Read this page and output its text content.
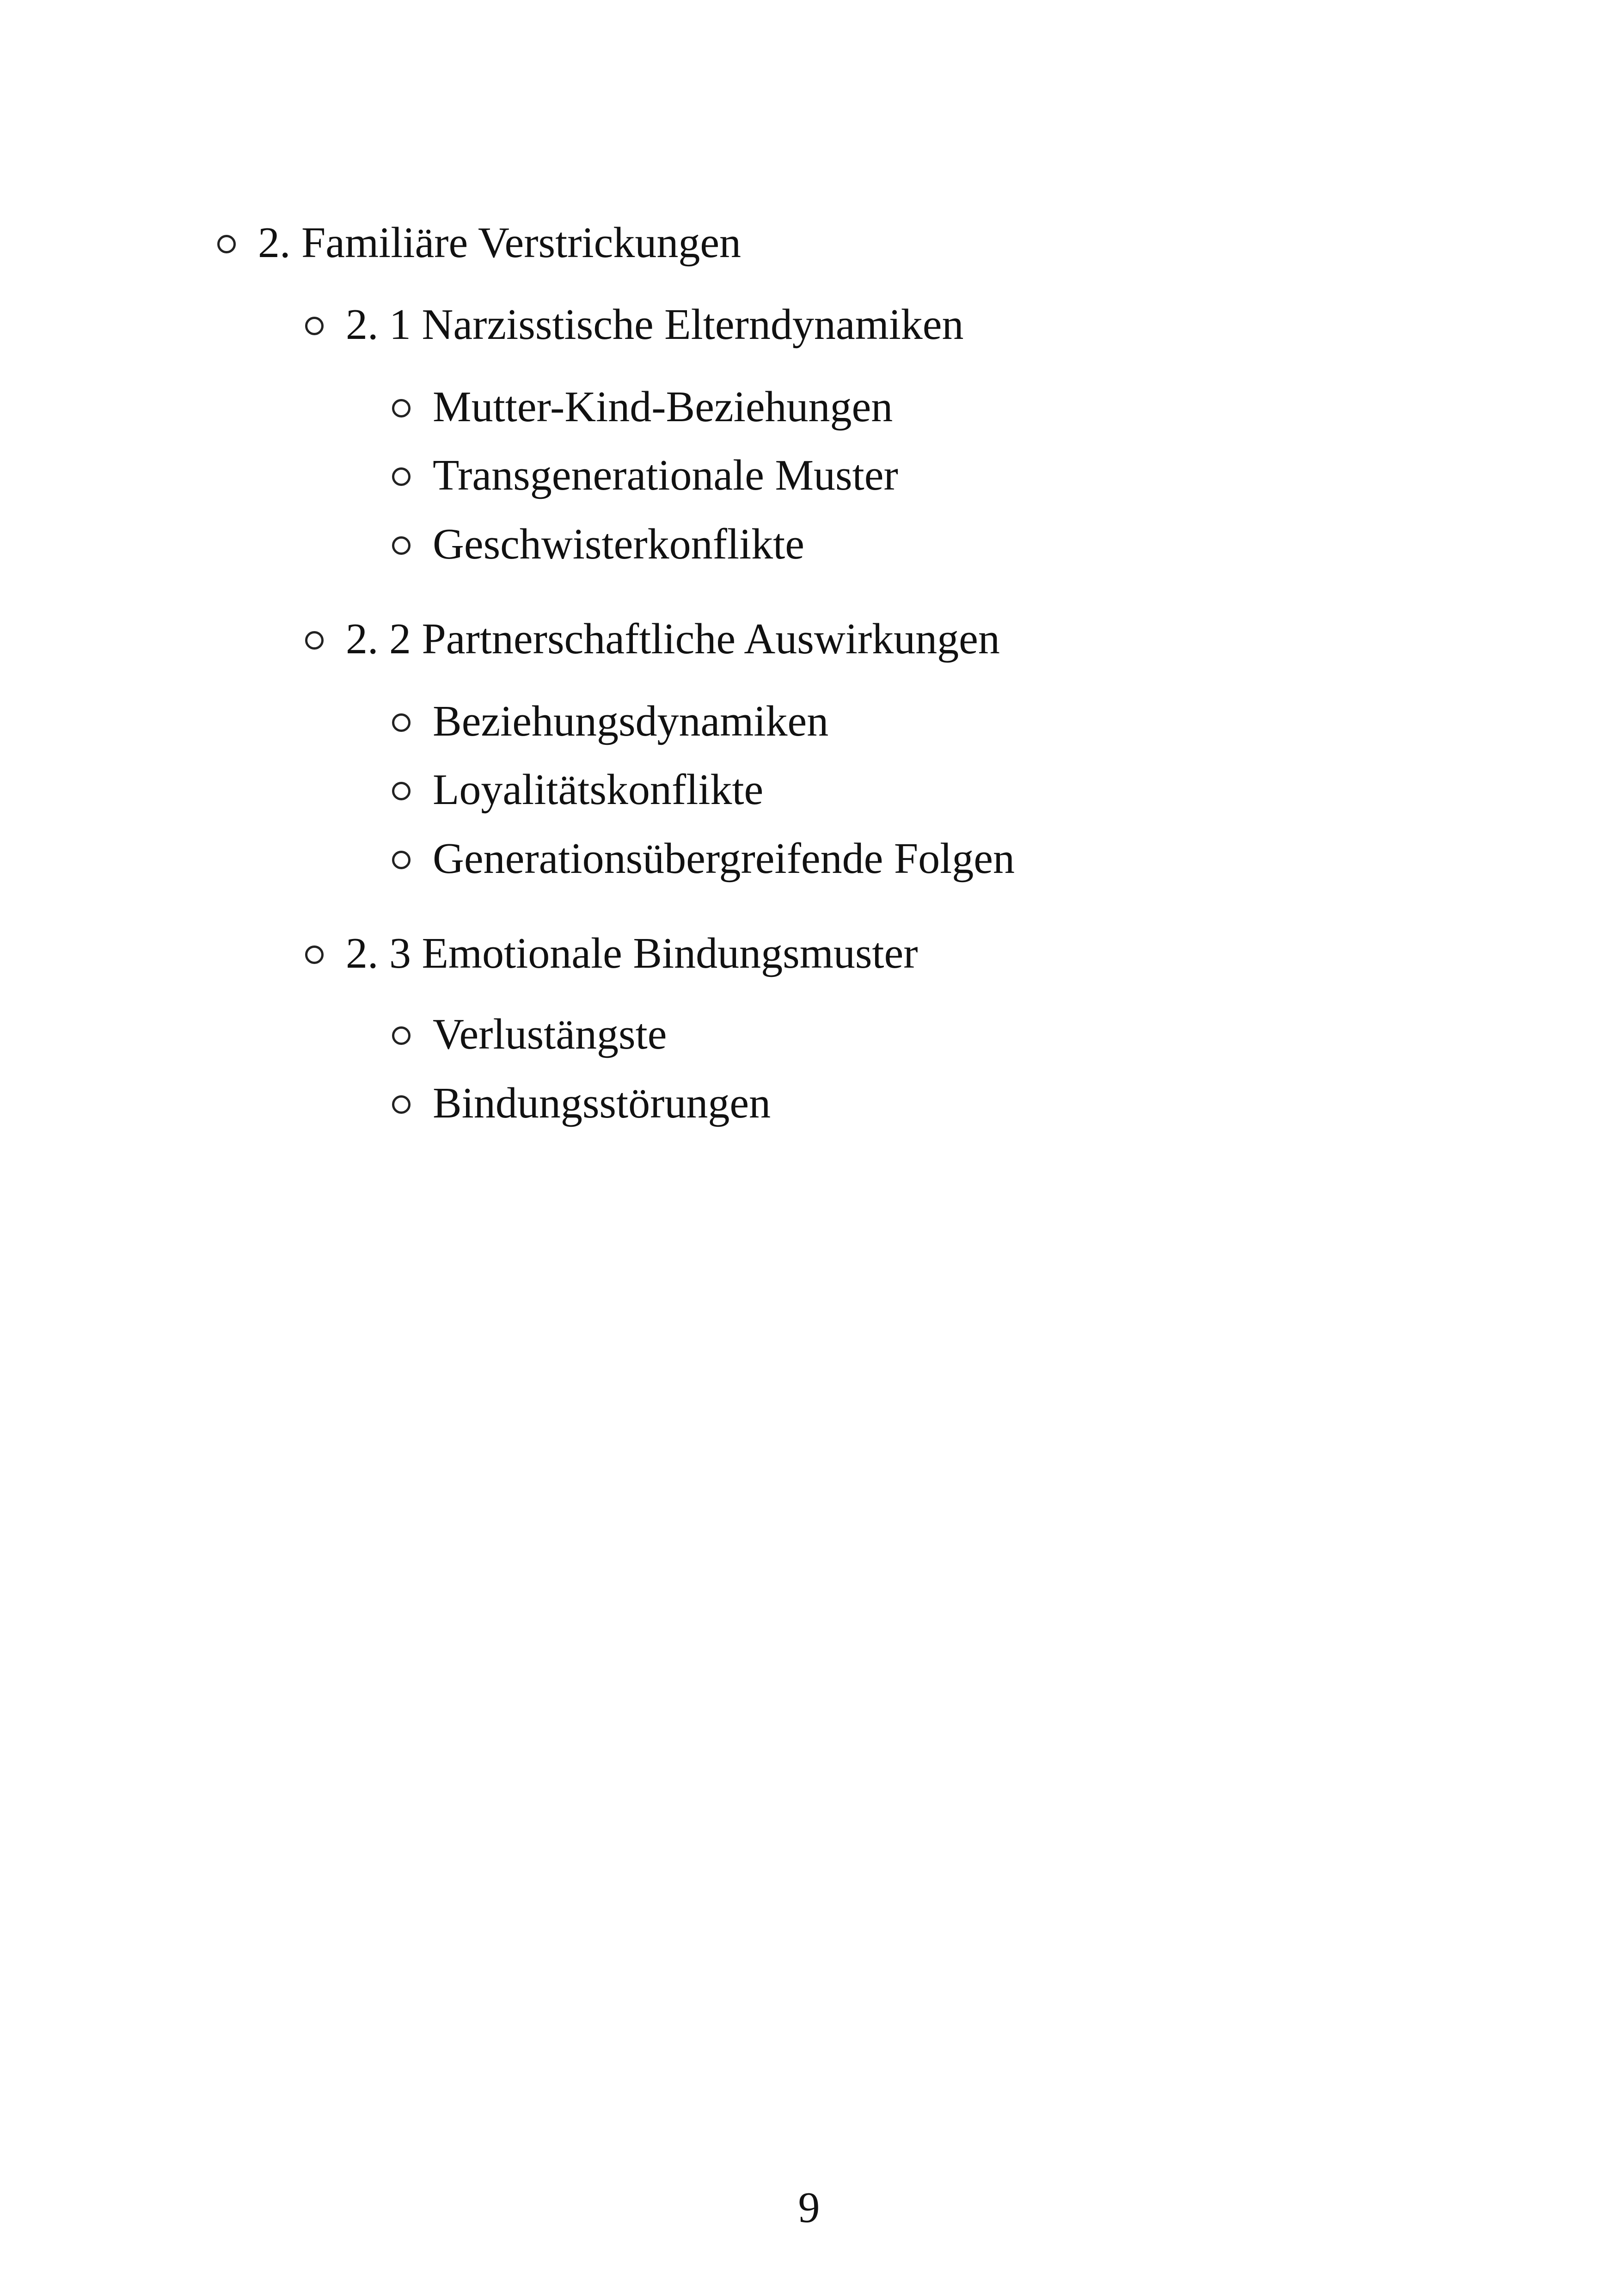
2. Familiäre Verstrickungen
2. 1 Narzisstische Elterndynamiken
Mutter-Kind-Beziehungen
Transgenerationale Muster
Geschwisterkonflikte
2. 2 Partnerschaftliche Auswirkungen
Beziehungsdynamiken
Loyalitätskonflikte
Generationsübergreifende Folgen
2. 3 Emotionale Bindungsmuster
Verlustängste
Bindungsstörungen
9
